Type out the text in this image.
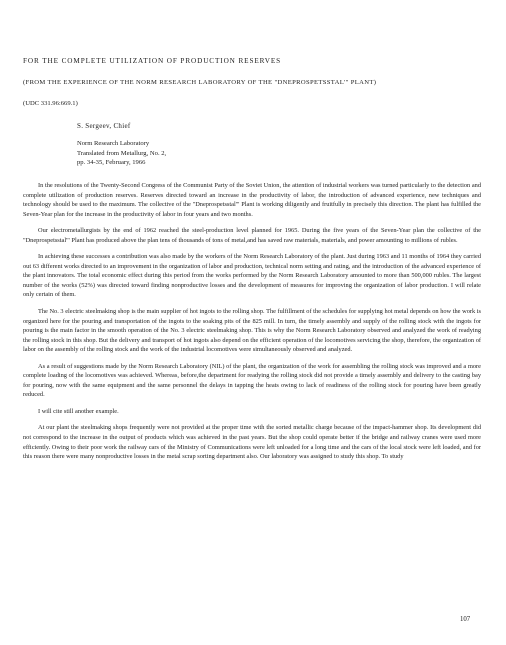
FOR THE COMPLETE UTILIZATION OF PRODUCTION RESERVES
(FROM THE EXPERIENCE OF THE NORM RESEARCH LABORATORY OF THE "DNEPROSPETSSTAL'" PLANT)
(UDC 331.96:669.1)
S. Sergeev, Chief
Norm Research Laboratory
Translated from Metallurg, No. 2,
pp. 34-35, February, 1966

In the resolutions of the Twenty-Second Congress of the Communist Party of the Soviet Union, the attention of industrial workers was turned particularly to the detection and complete utilization of production reserves. Reserves directed toward an increase in the productivity of labor, the introduction of advanced experience, new techniques and technology should be used to the maximum. The collective of the "Dneprospetsstal'" Plant is working diligently and fruitfully in precisely this direction. The plant has fulfilled the Seven-Year plan for the increase in the productivity of labor in four years and two months.

Our electrometallurgists by the end of 1962 reached the steel-production level planned for 1965. During the five years of the Seven-Year plan the collective of the "Dneprospetsstal'" Plant has produced above the plan tens of thousands of tons of metal,and has saved raw materials, materials, and power amounting to millions of rubles.

In achieving these successes a contribution was also made by the workers of the Norm Research Laboratory of the plant. Just during 1963 and 11 months of 1964 they carried out 63 different works directed to an improvement in the organization of labor and production, technical norm setting and rating, and the introduction of the advanced experience of the plant innovators. The total economic effect during this period from the works performed by the Norm Research Laboratory amounted to more than 500,000 rubles. The largest number of the works (52%) was directed toward finding nonproductive losses and the development of measures for improving the organization of labor production. I will relate only certain of them.

The No. 3 electric steelmaking shop is the main supplier of hot ingots to the rolling shop. The fulfillment of the schedules for supplying hot metal depends on how the work is organized here for the pouring and transportation of the ingots to the soaking pits of the 825 mill. In turn, the timely assembly and supply of the rolling stock with the ingots for pouring is the main factor in the smooth operation of the No. 3 electric steelmaking shop. This is why the Norm Research Laboratory observed and analyzed the work of readying the rolling stock in this shop. But the delivery and transport of hot ingots also depend on the efficient operation of the locomotives servicing the shop, therefore, the organization of labor on the assembly of the rolling stock and the work of the industrial locomotives were simultaneously observed and analyzed.

As a result of suggestions made by the Norm Research Laboratory (NIL) of the plant, the organization of the work for assembling the rolling stock was improved and a more complete loading of the locomotives was achieved. Whereas, before,the department for readying the rolling stock did not provide a timely assembly and delivery to the casting bay for pouring, now with the same equipment and the same personnel the delays in tapping the heats owing to lack of readiness of the rolling stock for pouring have been greatly reduced.

I will cite still another example.

At our plant the steelmaking shops frequently were not provided at the proper time with the sorted metallic charge because of the impact-hammer shop. Its development did not correspond to the increase in the output of products which was achieved in the past years. But the shop could operate better if the bridge and railway cranes were used more efficiently. Owing to their poor work the railway cars of the Ministry of Communications were left unloaded for a long time and the cars of the local stock were left loaded, and for this reason there were many nonproductive losses in the metal scrap sorting department also. Our laboratory was assigned to study this shop. To study

107
